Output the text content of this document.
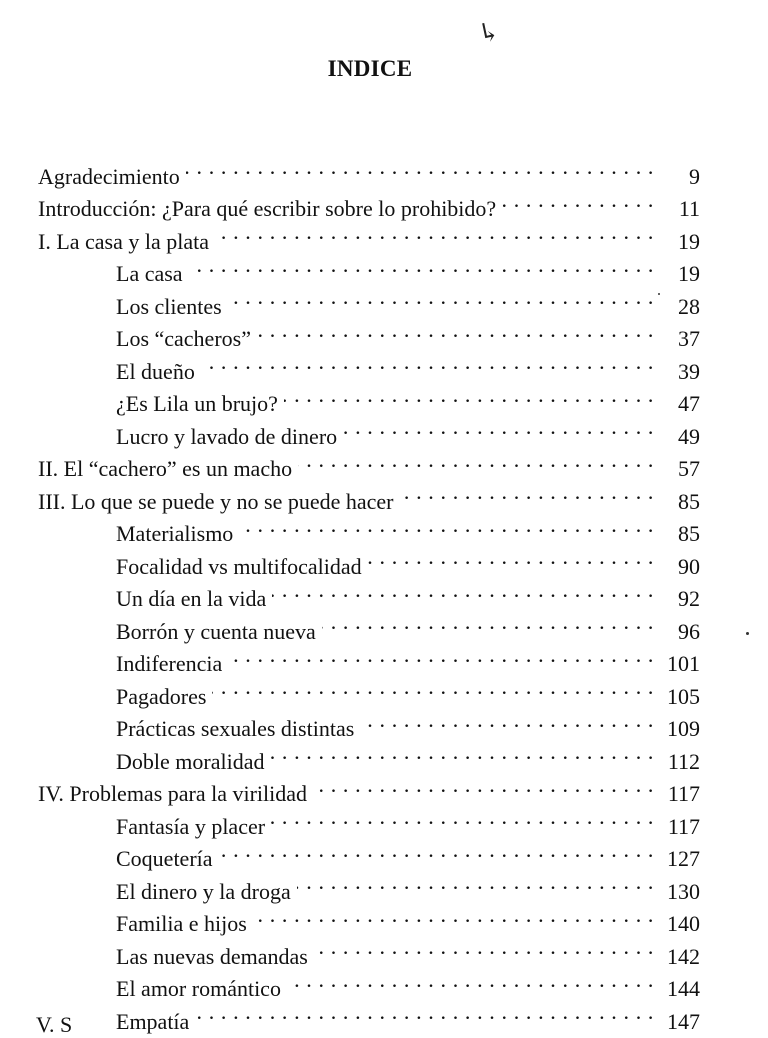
↳
INDICE
Agradecimiento . . .	9
Introducción: ¿Para qué escribir sobre lo prohibido? . . .	11
I. La casa y la plata . . .	19
La casa . . .	19
Los clientes . . .	28
Los “cacheros” . . .	37
El dueño . . .	39
¿Es Lila un brujo? . . .	47
Lucro y lavado de dinero . . .	49
II. El “cachero” es un macho . . .	57
III. Lo que se puede y no se puede hacer . . .	85
Materialismo . . .	85
Focalidad vs multifocalidad . . .	90
Un día en la vida . . .	92
Borrón y cuenta nueva . . .	96
Indiferencia . . .	101
Pagadores . . .	105
Prácticas sexuales distintas . . .	109
Doble moralidad . . .	112
IV. Problemas para la virilidad . . .	117
Fantasía y placer . . .	117
Coquetería . . .	127
El dinero y la droga . . .	130
Familia e hijos . . .	140
Las nuevas demandas . . .	142
El amor romántico . . .	144
Empatía . . .	147
V. S
